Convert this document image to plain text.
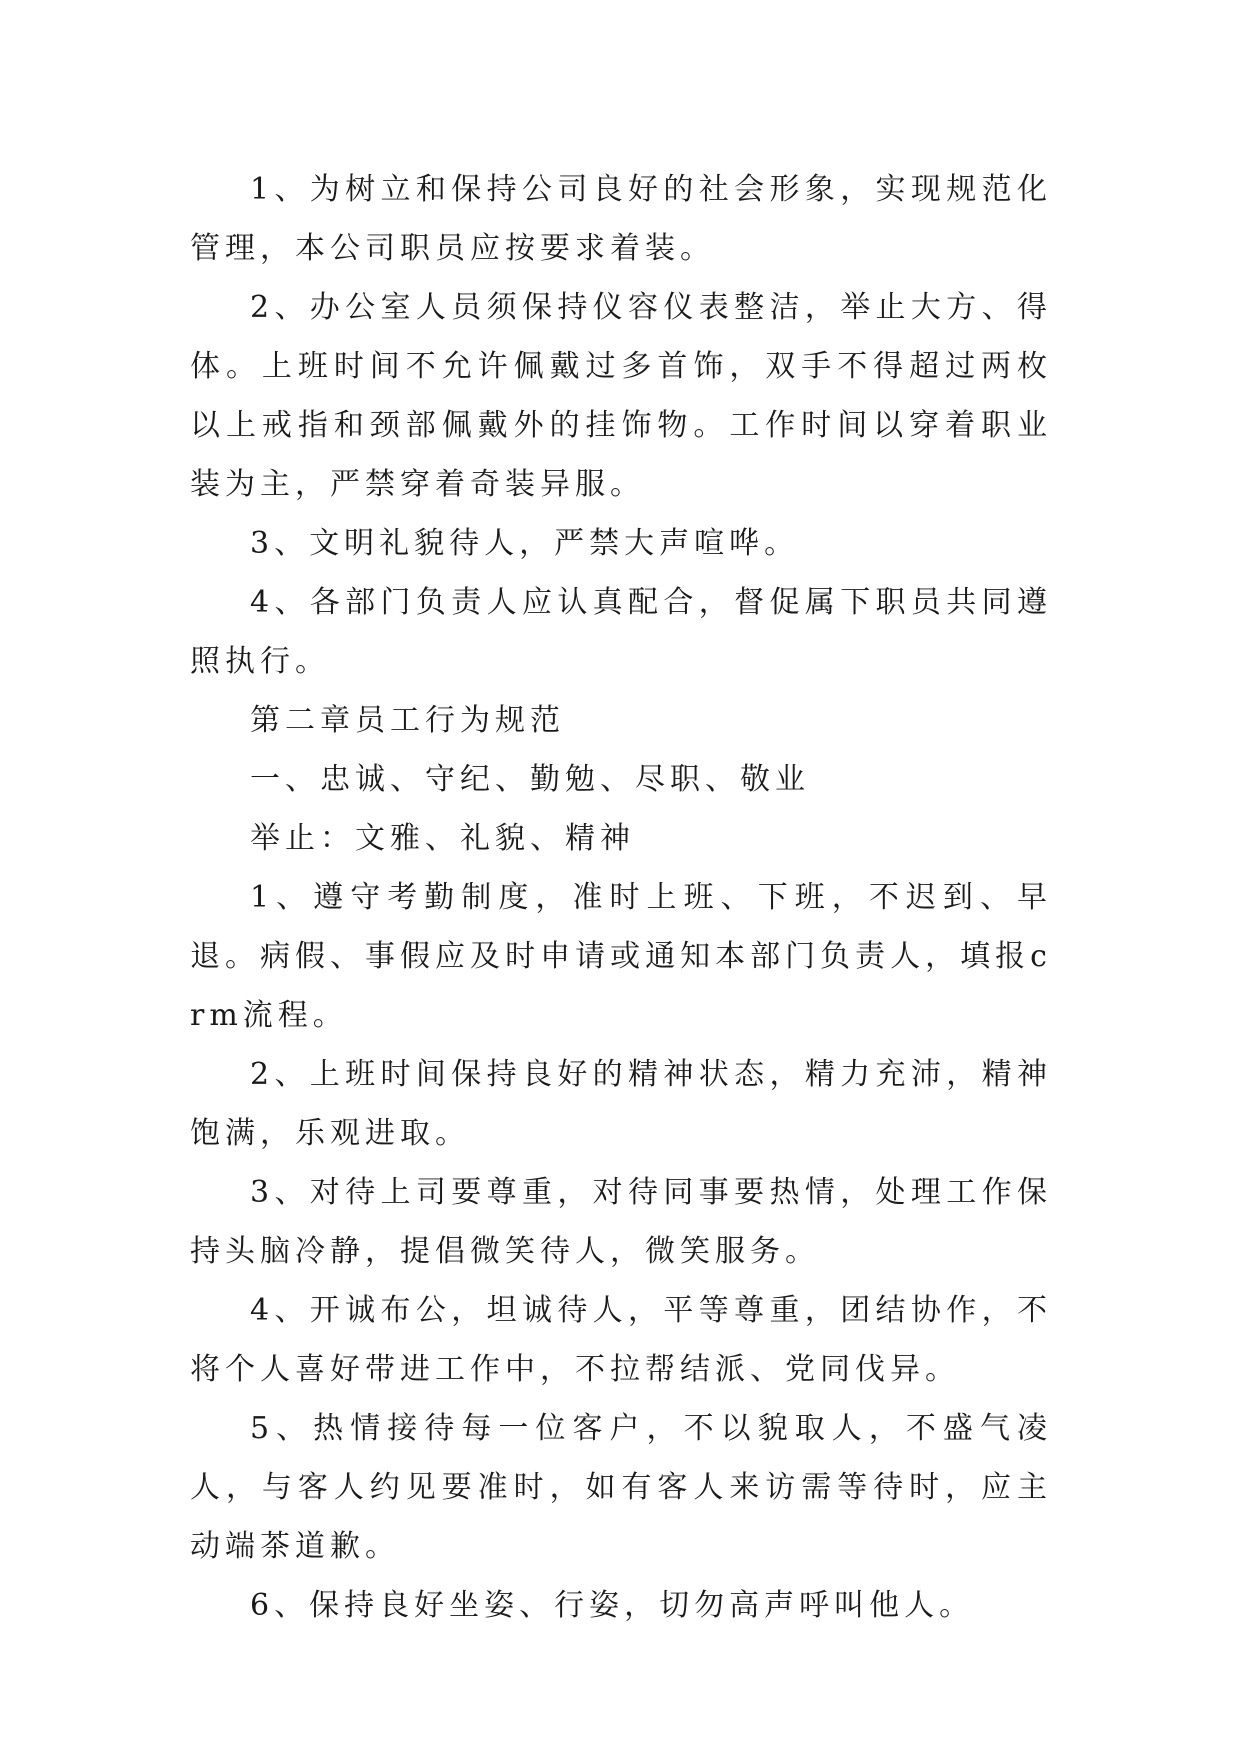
1、为树立和保持公司良好的社会形象，实现规范化管理，本公司职员应按要求着装。

2、办公室人员须保持仪容仪表整洁，举止大方、得体。上班时间不允许佩戴过多首饰，双手不得超过两枚以上戒指和颈部佩戴外的挂饰物。工作时间以穿着职业装为主，严禁穿着奇装异服。

3、文明礼貌待人，严禁大声喧哗。

4、各部门负责人应认真配合，督促属下职员共同遵照执行。

第二章员工行为规范

一、忠诚、守纪、勤勉、尽职、敬业

举止：文雅、礼貌、精神

1、遵守考勤制度，准时上班、下班，不迟到、早退。病假、事假应及时申请或通知本部门负责人，填报crm流程。

2、上班时间保持良好的精神状态，精力充沛，精神饱满，乐观进取。

3、对待上司要尊重，对待同事要热情，处理工作保持头脑冷静，提倡微笑待人，微笑服务。

4、开诚布公，坦诚待人，平等尊重，团结协作，不将个人喜好带进工作中，不拉帮结派、党同伐异。

5、热情接待每一位客户，不以貌取人，不盛气凌人，与客人约见要准时，如有客人来访需等待时，应主动端茶道歉。

6、保持良好坐姿、行姿，切勿高声呼叫他人。
